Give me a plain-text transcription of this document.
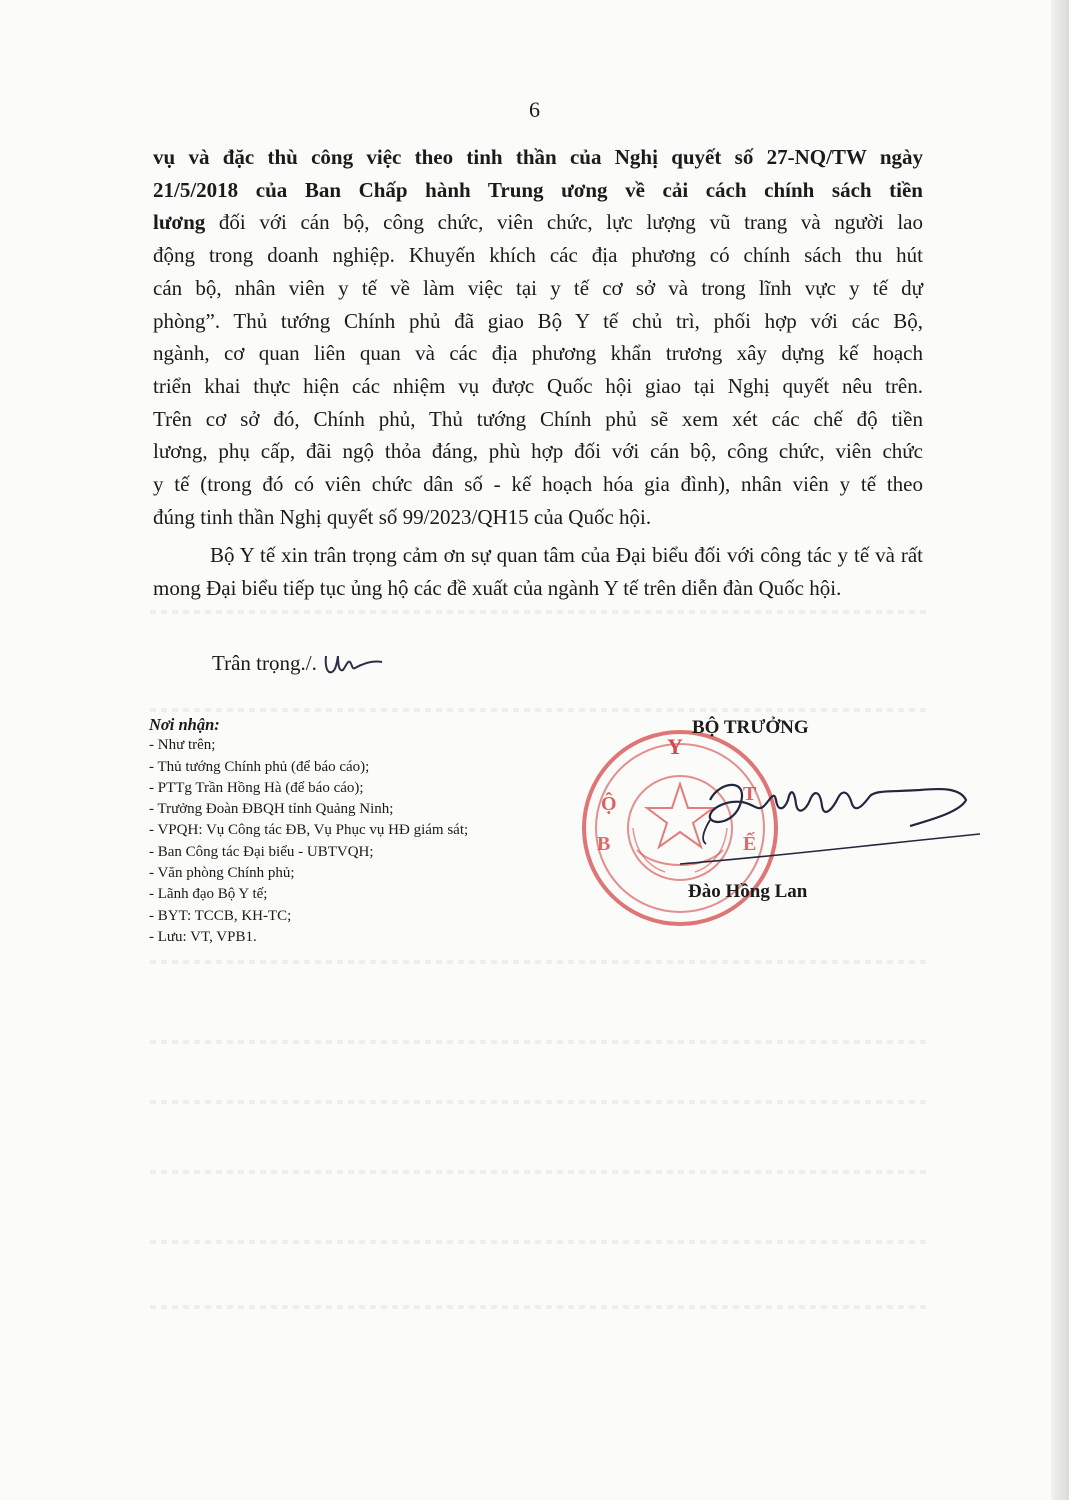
6
vụ và đặc thù công việc theo tinh thần của Nghị quyết số 27-NQ/TW ngày
21/5/2018 của Ban Chấp hành Trung ương về cải cách chính sách tiền
lương đối với cán bộ, công chức, viên chức, lực lượng vũ trang và người lao
động trong doanh nghiệp. Khuyến khích các địa phương có chính sách thu hút
cán bộ, nhân viên y tế về làm việc tại y tế cơ sở và trong lĩnh vực y tế dự
phòng”. Thủ tướng Chính phủ đã giao Bộ Y tế chủ trì, phối hợp với các Bộ,
ngành, cơ quan liên quan và các địa phương khẩn trương xây dựng kế hoạch
triển khai thực hiện các nhiệm vụ được Quốc hội giao tại Nghị quyết nêu trên.
Trên cơ sở đó, Chính phủ, Thủ tướng Chính phủ sẽ xem xét các chế độ tiền
lương, phụ cấp, đãi ngộ thỏa đáng, phù hợp đối với cán bộ, công chức, viên chức
y tế (trong đó có viên chức dân số - kế hoạch hóa gia đình), nhân viên y tế theo
đúng tinh thần Nghị quyết số 99/2023/QH15 của Quốc hội.
Bộ Y tế xin trân trọng cảm ơn sự quan tâm của Đại biểu đối với công tác y tế và rất mong Đại biểu tiếp tục ủng hộ các đề xuất của ngành Y tế trên diễn đàn Quốc hội.
Trân trọng./.
Nơi nhận:
- Như trên;
- Thủ tướng Chính phủ (để báo cáo);
- PTTg Trần Hồng Hà (để báo cáo);
- Trưởng Đoàn ĐBQH tỉnh Quảng Ninh;
- VPQH: Vụ Công tác ĐB, Vụ Phục vụ HĐ giám sát;
- Ban Công tác Đại biểu - UBTVQH;
- Văn phòng Chính phủ;
- Lãnh đạo Bộ Y tế;
- BYT: TCCB, KH-TC;
- Lưu: VT, VPB1.
Y
Ộ
B
T
Ế
BỘ TRƯỞNG
Đào Hồng Lan
